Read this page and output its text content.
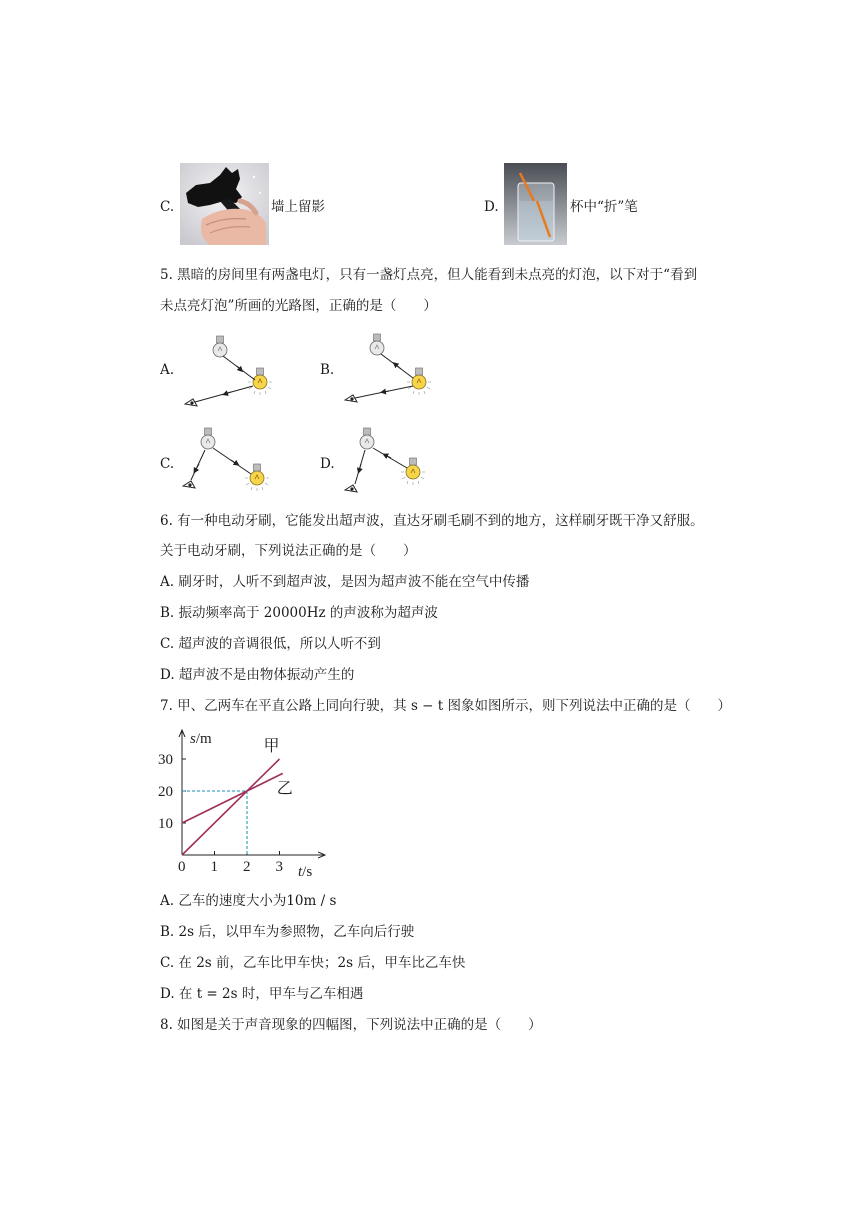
C.	墙上留影	D.	杯中“折”笔
5. 黑暗的房间里有两盏电灯，只有一盏灯点亮，但人能看到未点亮的灯泡，以下对于“看到
未点亮灯泡”所画的光路图，正确的是（　　）
A.	B.
C.	D.
6. 有一种电动牙刷，它能发出超声波，直达牙刷毛刷不到的地方，这样刷牙既干净又舒服。
关于电动牙刷，下列说法正确的是（　　）
A. 刷牙时，人听不到超声波，是因为超声波不能在空气中传播
B. 振动频率高于 20000Hz 的声波称为超声波
C. 超声波的音调很低，所以人听不到
D. 超声波不是由物体振动产生的
7. 甲、乙两车在平直公路上同向行驶，其 s − t 图象如图所示，则下列说法中正确的是（　　）
0 1 2 3
10
20
30
s/m
t/s
甲
乙
A. 乙车的速度大小为10m / s
B. 2s 后，以甲车为参照物，乙车向后行驶
C. 在 2s 前，乙车比甲车快；2s 后，甲车比乙车快
D. 在 t = 2s 时，甲车与乙车相遇
8. 如图是关于声音现象的四幅图，下列说法中正确的是（　　）
